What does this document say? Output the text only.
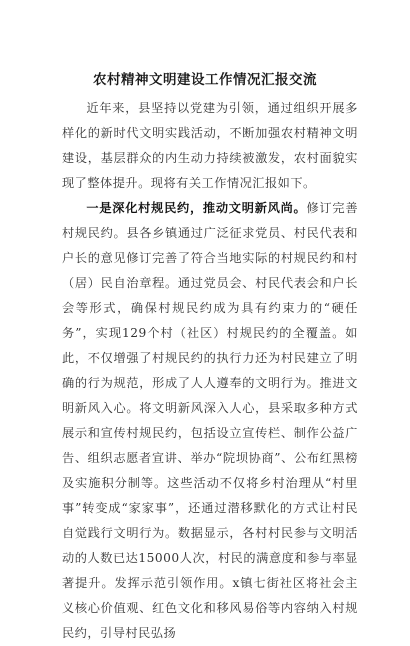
农村精神文明建设工作情况汇报交流

近年来，县坚持以党建为引领，通过组织开展多样化的新时代文明实践活动，不断加强农村精神文明建设，基层群众的内生动力持续被激发，农村面貌实现了整体提升。现将有关工作情况汇报如下。

一是深化村规民约，推动文明新风尚。修订完善村规民约。县各乡镇通过广泛征求党员、村民代表和户长的意见修订完善了符合当地实际的村规民约和村（居）民自治章程。通过党员会、村民代表会和户长会等形式，确保村规民约成为具有约束力的“硬任务”，实现129个村（社区）村规民约的全覆盖。如此，不仅增强了村规民约的执行力还为村民建立了明确的行为规范，形成了人人遵奉的文明行为。推进文明新风入心。将文明新风深入人心，县采取多种方式展示和宣传村规民约，包括设立宣传栏、制作公益广告、组织志愿者宣讲、举办“院坝协商”、公布红黑榜及实施积分制等。这些活动不仅将乡村治理从“村里事”转变成“家家事”，还通过潜移默化的方式让村民自觉践行文明行为。数据显示，各村村民参与文明活动的人数已达15000人次，村民的满意度和参与率显著提升。发挥示范引领作用。x镇七街社区将社会主义核心价值观、红色文化和移风易俗等内容纳入村规民约，引导村民弘扬
